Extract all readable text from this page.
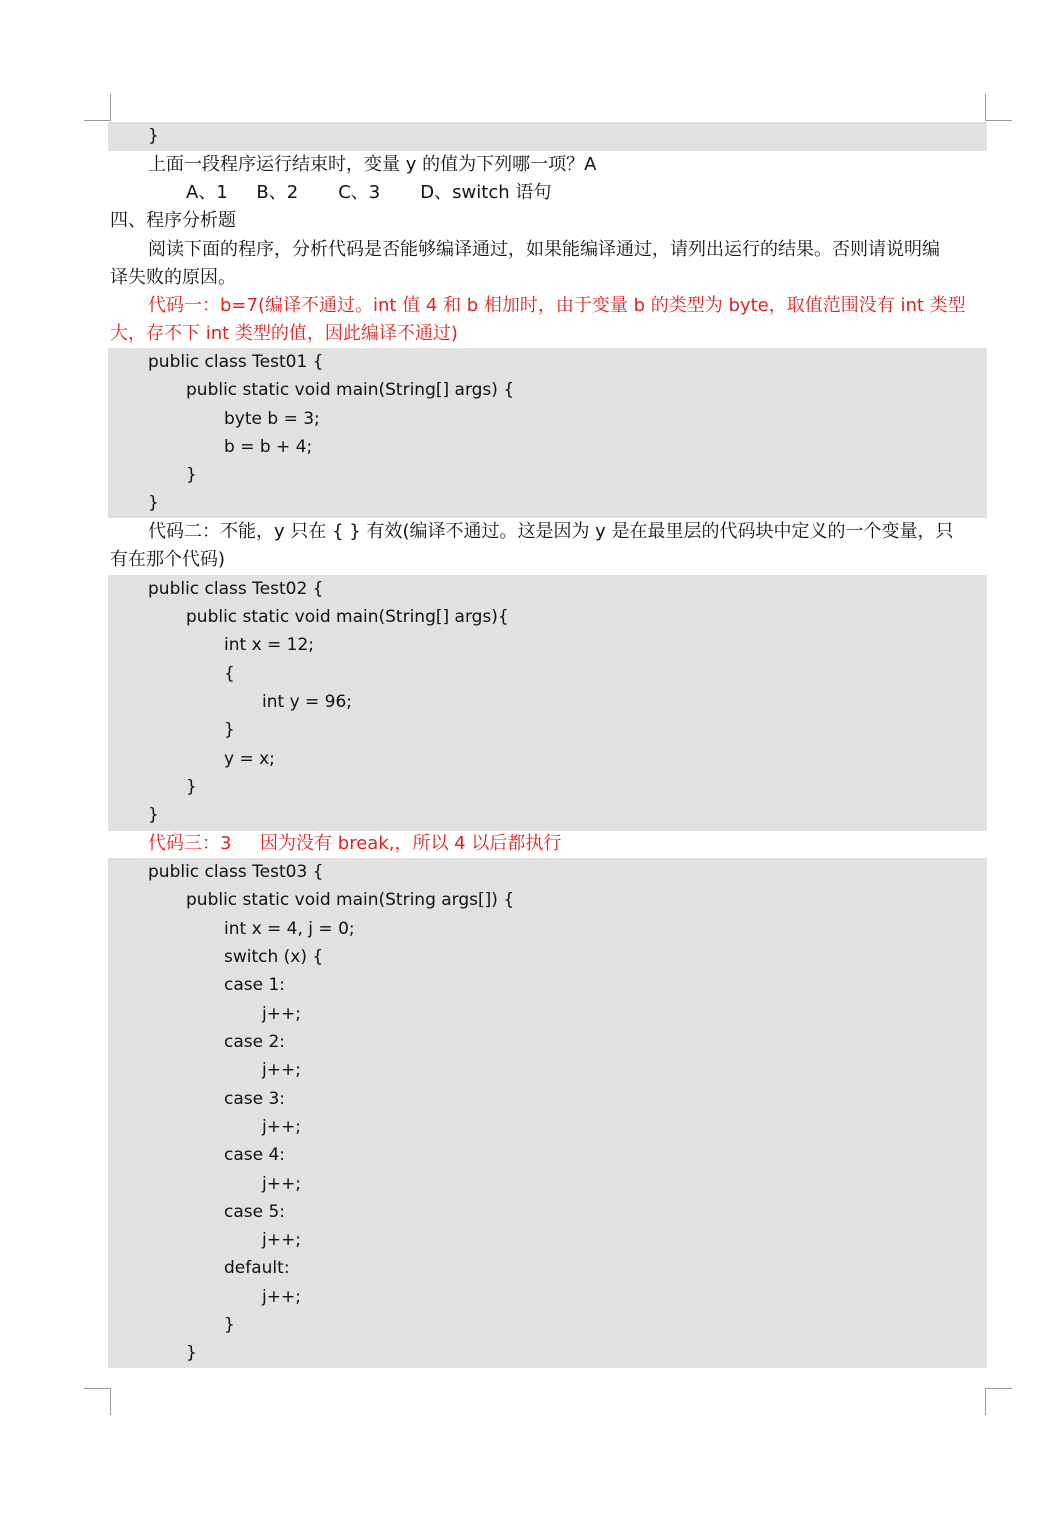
}
上面一段程序运行结束时，变量 y 的值为下列哪一项？A
A、1     B、2       C、3       D、switch 语句
四、程序分析题
阅读下面的程序，分析代码是否能够编译通过，如果能编译通过，请列出运行的结果。否则请说明编
译失败的原因。
代码一：b=7(编译不通过。int 值 4 和 b 相加时，由于变量 b 的类型为 byte，取值范围没有 int 类型
大，存不下 int 类型的值，因此编译不通过)
public class Test01 {
public static void main(String[] args) {
byte b = 3;
b = b + 4;
}
}
代码二：不能，y 只在 { } 有效(编译不通过。这是因为 y 是在最里层的代码块中定义的一个变量，只
有在那个代码)
public class Test02 {
public static void main(String[] args){
int x = 12;
{
int y = 96;
}
y = x;
}
}
代码三：3     因为没有 break,，所以 4 以后都执行
public class Test03 {
public static void main(String args[]) {
int x = 4, j = 0;
switch (x) {
case 1:
j++;
case 2:
j++;
case 3:
j++;
case 4:
j++;
case 5:
j++;
default:
j++;
}
}
